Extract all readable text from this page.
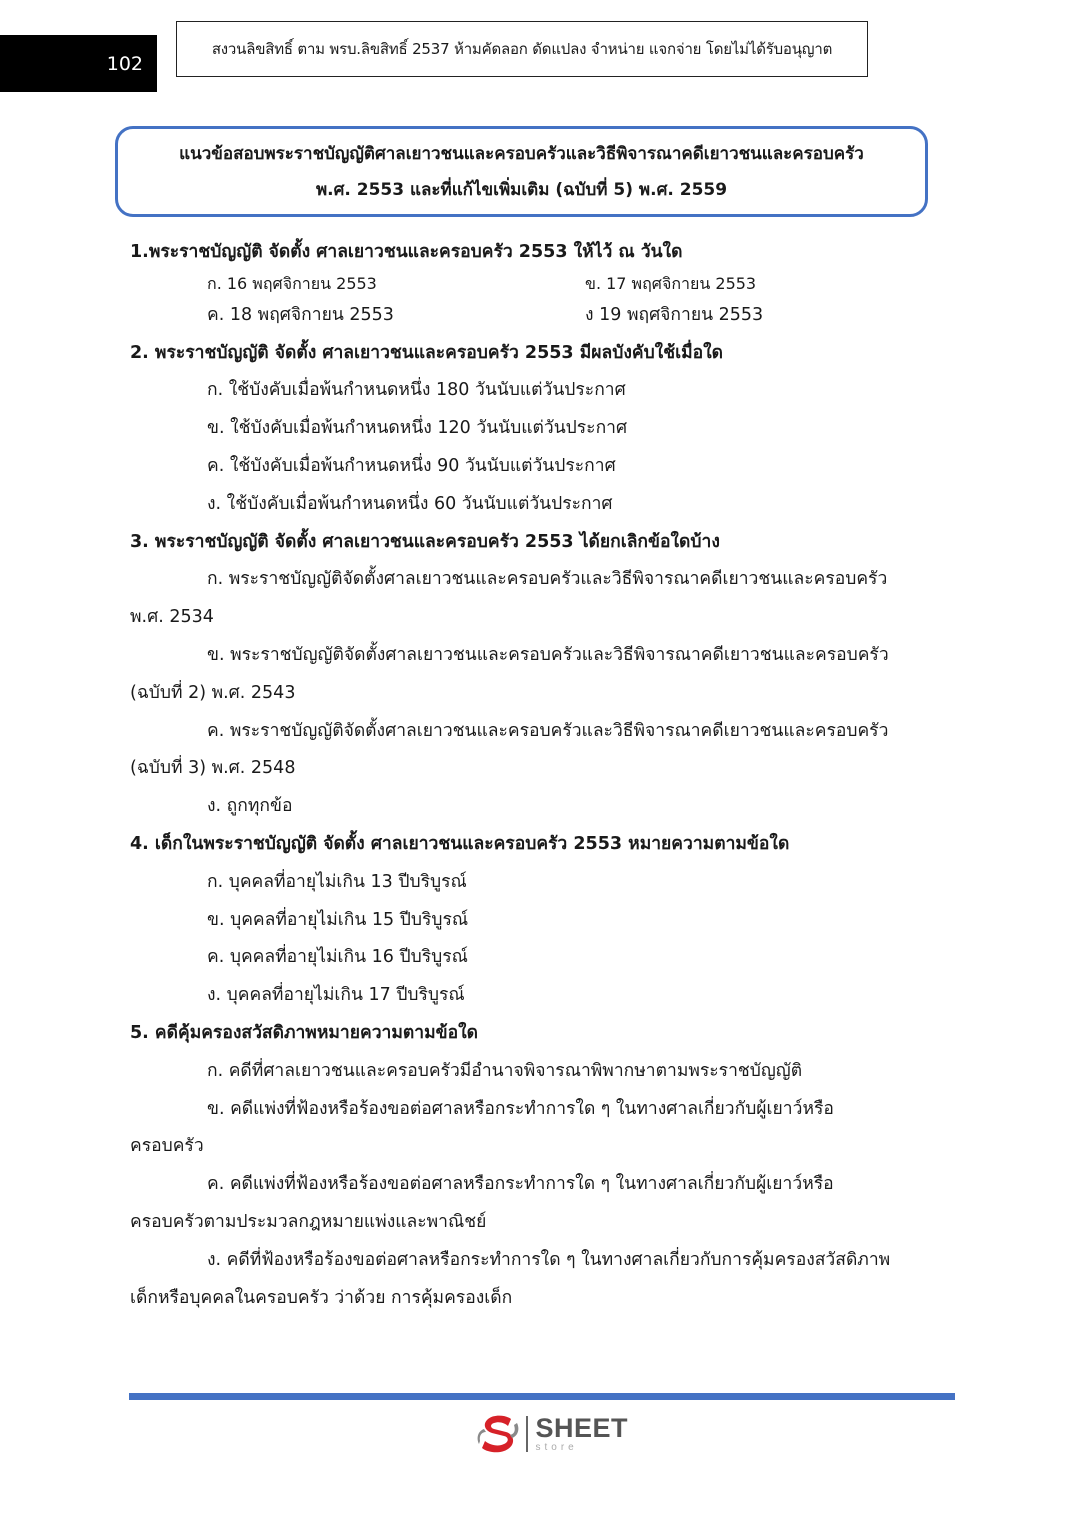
102
สงวนลิขสิทธิ์ ตาม พรบ.ลิขสิทธิ์ 2537 ห้ามคัดลอก ดัดแปลง จำหน่าย แจกจ่าย โดยไม่ได้รับอนุญาต
แนวข้อสอบพระราชบัญญัติศาลเยาวชนและครอบครัวและวิธีพิจารณาคดีเยาวชนและครอบครัว
พ.ศ. 2553 และที่แก้ไขเพิ่มเติม (ฉบับที่ 5) พ.ศ. 2559
1.พระราชบัญญัติ จัดตั้ง ศาลเยาวชนและครอบครัว 2553 ให้ไว้ ณ วันใด
ก. 16 พฤศจิกายน 2553	ข. 17 พฤศจิกายน 2553
ค. 18 พฤศจิกายน 2553	ง 19 พฤศจิกายน 2553
2. พระราชบัญญัติ จัดตั้ง ศาลเยาวชนและครอบครัว 2553 มีผลบังคับใช้เมื่อใด
ก. ใช้บังคับเมื่อพ้นกำหนดหนึ่ง 180 วันนับแต่วันประกาศ
ข. ใช้บังคับเมื่อพ้นกำหนดหนึ่ง 120 วันนับแต่วันประกาศ
ค. ใช้บังคับเมื่อพ้นกำหนดหนึ่ง 90 วันนับแต่วันประกาศ
ง. ใช้บังคับเมื่อพ้นกำหนดหนึ่ง 60 วันนับแต่วันประกาศ
3. พระราชบัญญัติ จัดตั้ง ศาลเยาวชนและครอบครัว 2553 ได้ยกเลิกข้อใดบ้าง
ก. พระราชบัญญัติจัดตั้งศาลเยาวชนและครอบครัวและวิธีพิจารณาคดีเยาวชนและครอบครัว
พ.ศ. 2534
ข. พระราชบัญญัติจัดตั้งศาลเยาวชนและครอบครัวและวิธีพิจารณาคดีเยาวชนและครอบครัว
(ฉบับที่ 2) พ.ศ. 2543
ค. พระราชบัญญัติจัดตั้งศาลเยาวชนและครอบครัวและวิธีพิจารณาคดีเยาวชนและครอบครัว
(ฉบับที่ 3) พ.ศ. 2548
ง. ถูกทุกข้อ
4. เด็กในพระราชบัญญัติ จัดตั้ง ศาลเยาวชนและครอบครัว 2553 หมายความตามข้อใด
ก. บุคคลที่อายุไม่เกิน 13 ปีบริบูรณ์
ข. บุคคลที่อายุไม่เกิน 15 ปีบริบูรณ์
ค. บุคคลที่อายุไม่เกิน 16 ปีบริบูรณ์
ง. บุคคลที่อายุไม่เกิน 17 ปีบริบูรณ์
5. คดีคุ้มครองสวัสดิภาพหมายความตามข้อใด
ก. คดีที่ศาลเยาวชนและครอบครัวมีอำนาจพิจารณาพิพากษาตามพระราชบัญญัติ
ข. คดีแพ่งที่ฟ้องหรือร้องขอต่อศาลหรือกระทำการใด ๆ ในทางศาลเกี่ยวกับผู้เยาว์หรือ
ครอบครัว
ค. คดีแพ่งที่ฟ้องหรือร้องขอต่อศาลหรือกระทำการใด ๆ ในทางศาลเกี่ยวกับผู้เยาว์หรือ
ครอบครัวตามประมวลกฎหมายแพ่งและพาณิชย์
ง. คดีที่ฟ้องหรือร้องขอต่อศาลหรือกระทำการใด ๆ ในทางศาลเกี่ยวกับการคุ้มครองสวัสดิภาพ
เด็กหรือบุคคลในครอบครัว ว่าด้วย การคุ้มครองเด็ก
SHEET
store
